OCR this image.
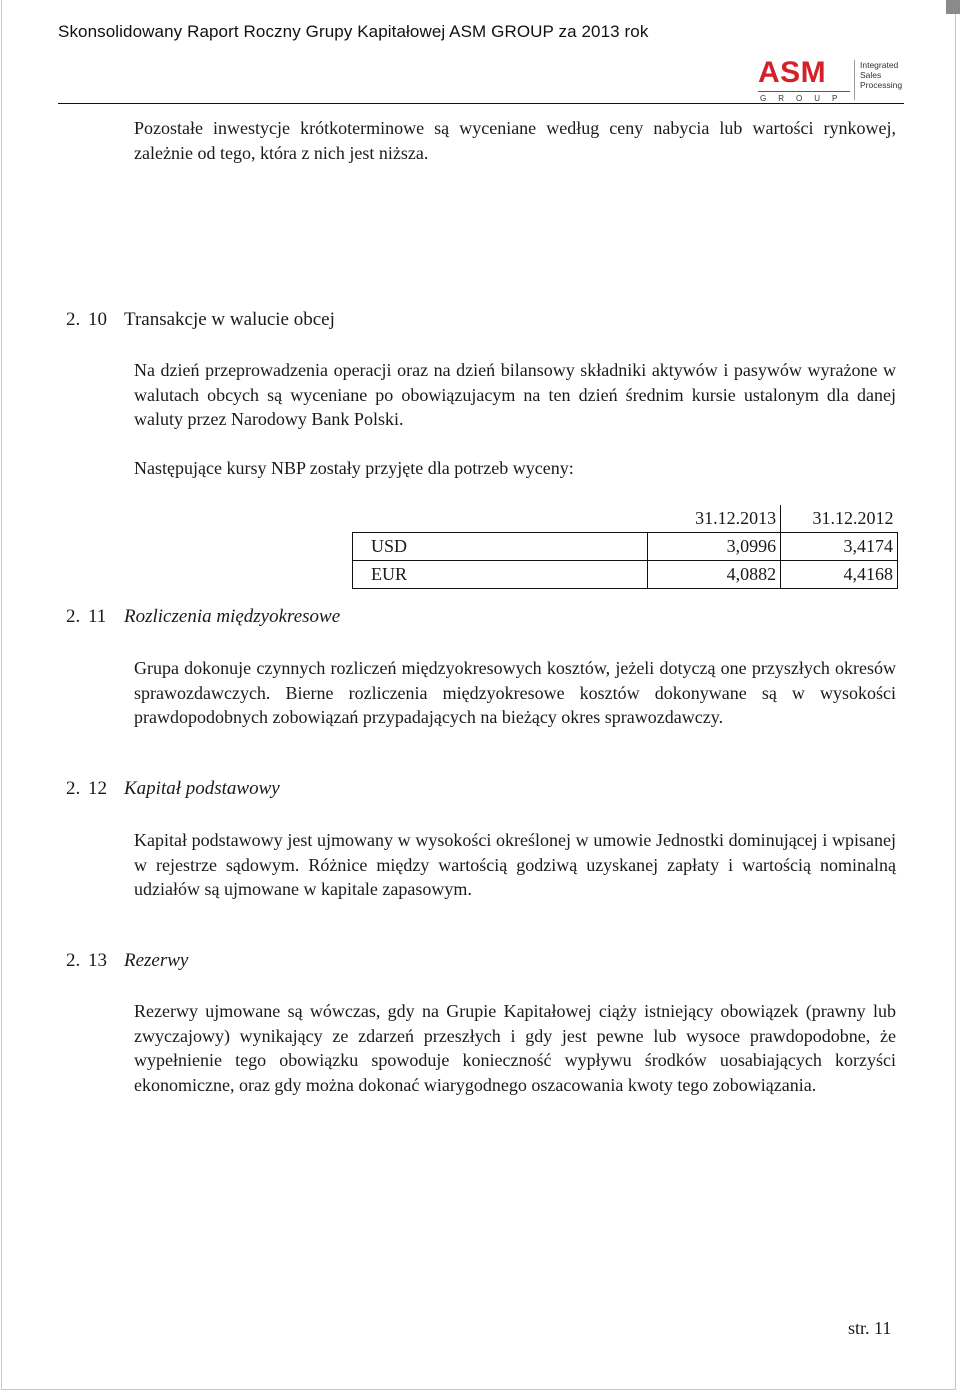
Skonsolidowany Raport Roczny Grupy Kapitałowej ASM GROUP za 2013 rok
ASM
GROUP
Integrated
Sales
Processing
Pozostałe inwestycje krótkoterminowe są wyceniane według ceny nabycia lub wartości rynkowej, zależnie od tego, która z nich jest niższa.
2. 10 Transakcje w walucie obcej
Na dzień przeprowadzenia operacji oraz na dzień bilansowy składniki aktywów i pasywów wyrażone w walutach obcych są wyceniane po obowiązujacym na ten dzień średnim kursie ustalonym dla danej waluty przez Narodowy Bank Polski.
Następujące kursy NBP zostały przyjęte dla potrzeb wyceny:
	31.12.2013	31.12.2012
USD	3,0996	3,4174
EUR	4,0882	4,4168
2. 11 Rozliczenia międzyokresowe
Grupa dokonuje czynnych rozliczeń międzyokresowych kosztów, jeżeli dotyczą one przyszłych okresów sprawozdawczych. Bierne rozliczenia międzyokresowe kosztów dokonywane są w wysokości prawdopodobnych zobowiązań przypadających na bieżący okres sprawozdawczy.
2. 12 Kapitał podstawowy
Kapitał podstawowy jest ujmowany w wysokości określonej w umowie Jednostki dominującej i wpisanej w rejestrze sądowym. Różnice między wartością godziwą uzyskanej zapłaty i wartością nominalną udziałów są ujmowane w kapitale zapasowym.
2. 13 Rezerwy
Rezerwy ujmowane są wówczas, gdy na Grupie Kapitałowej ciąży istniejący obowiązek (prawny lub zwyczajowy) wynikający ze zdarzeń przeszłych i gdy jest pewne lub wysoce prawdopodobne, że wypełnienie tego obowiązku spowoduje konieczność wypływu środków uosabiających korzyści ekonomiczne, oraz gdy można dokonać wiarygodnego oszacowania kwoty tego zobowiązania.
str. 11
